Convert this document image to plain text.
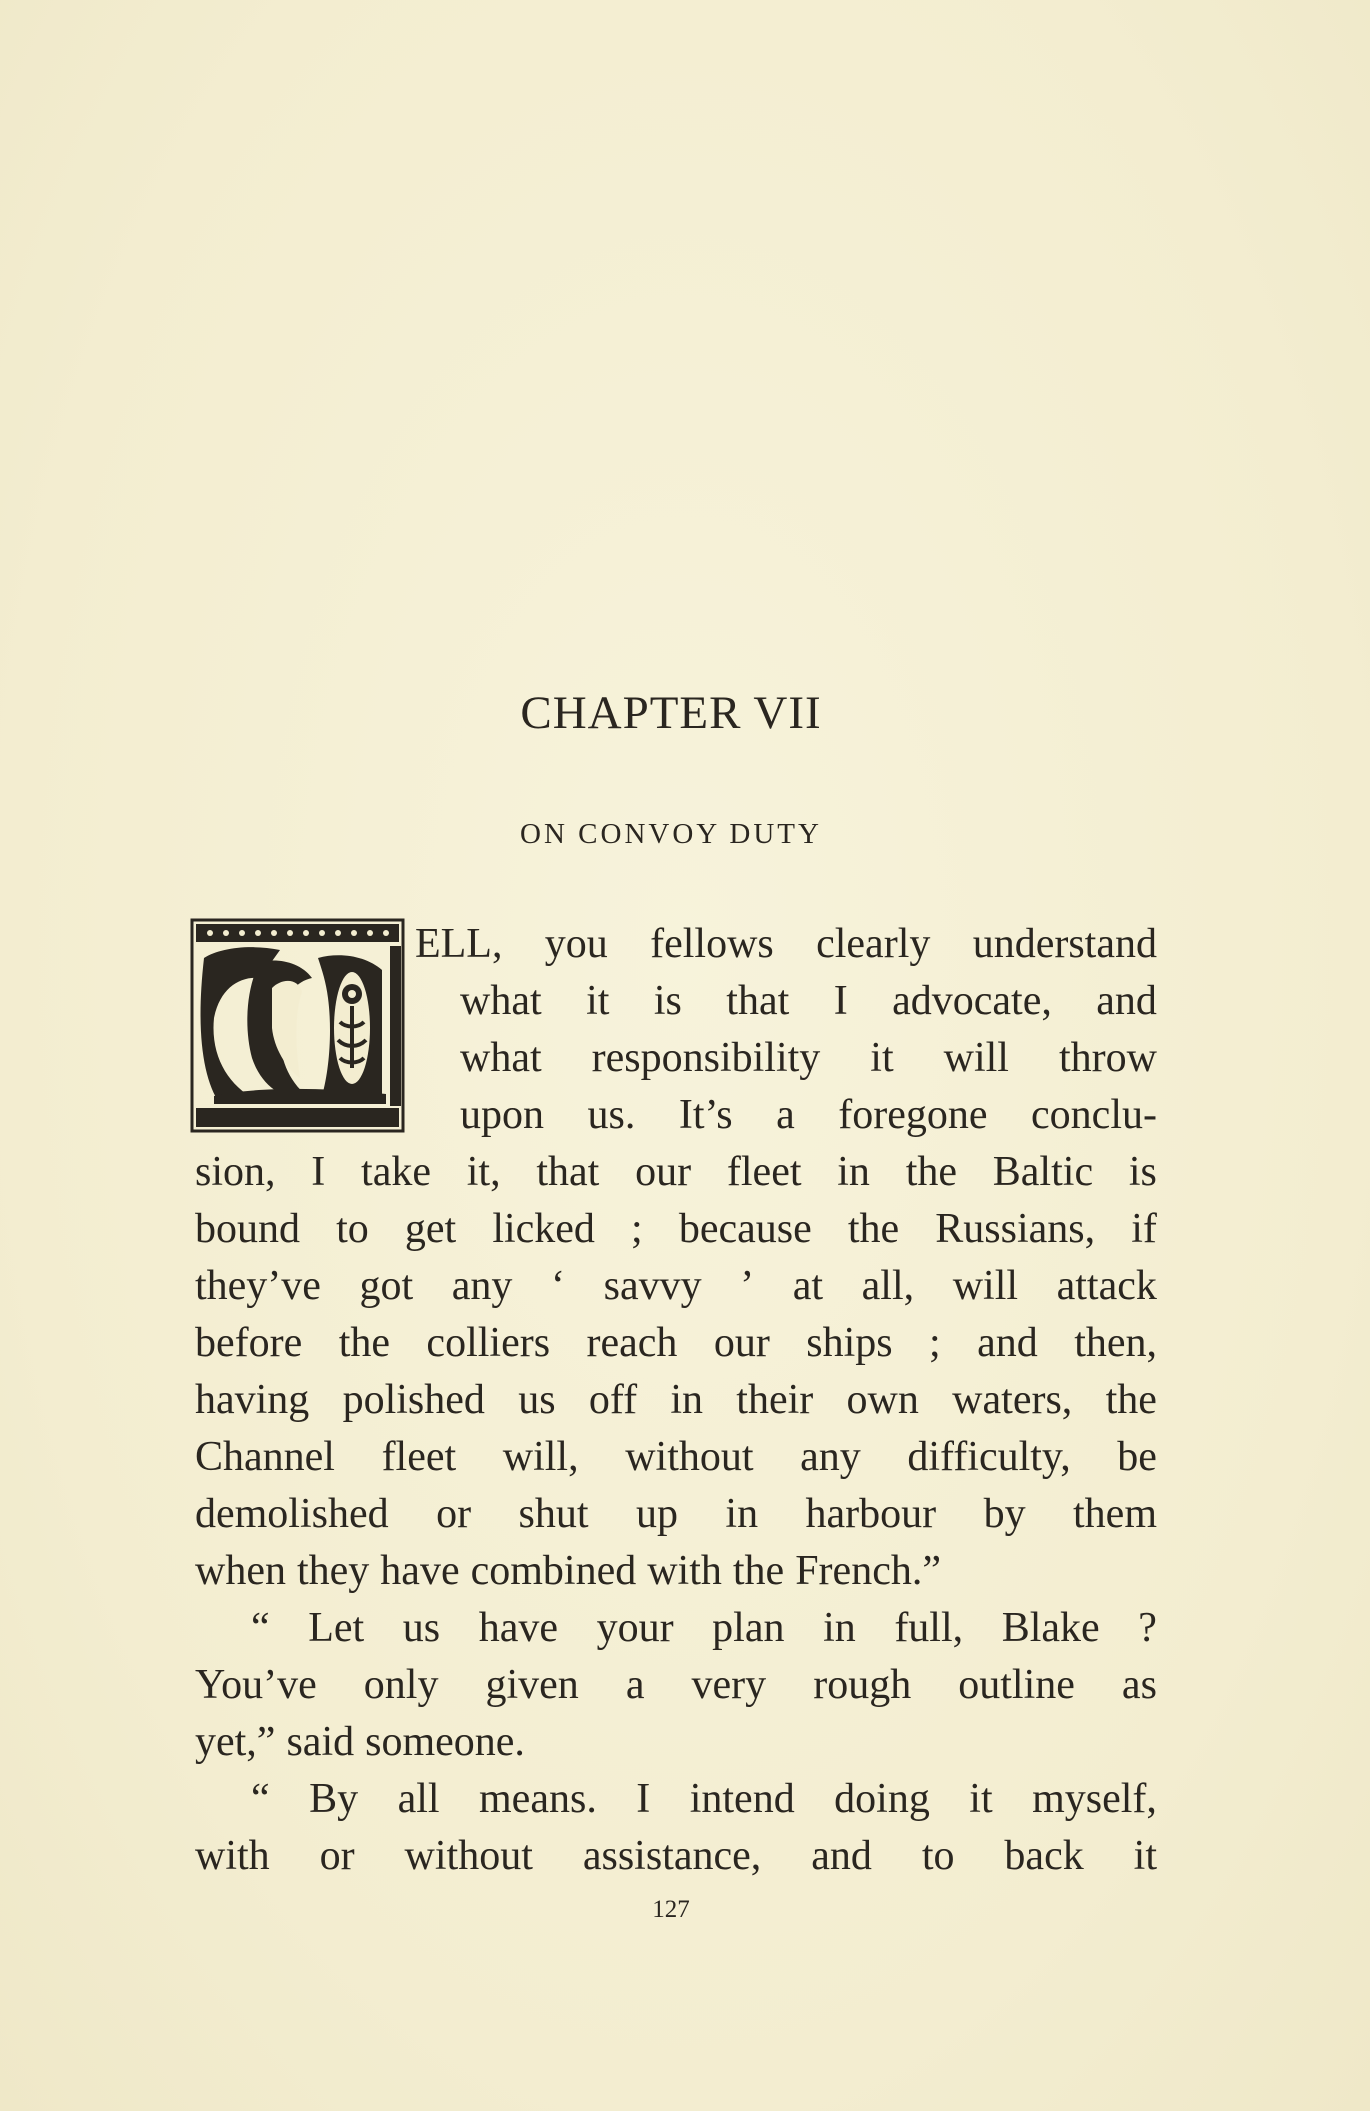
CHAPTER VII
ON CONVOY DUTY
ELL, you fellows clearly understand
what it is that I advocate, and
what responsibility it will throw
upon us. It’s a foregone conclu-
sion, I take it, that our fleet in the Baltic is
bound to get licked ; because the Russians, if
they’ve got any ‘ savvy ’ at all, will attack
before the colliers reach our ships ; and then,
having polished us off in their own waters, the
Channel fleet will, without any difficulty, be
demolished or shut up in harbour by them
when they have combined with the French.”
“ Let us have your plan in full, Blake ?
You’ve only given a very rough outline as
yet,” said someone.
“ By all means. I intend doing it myself,
with or without assistance, and to back it
127
